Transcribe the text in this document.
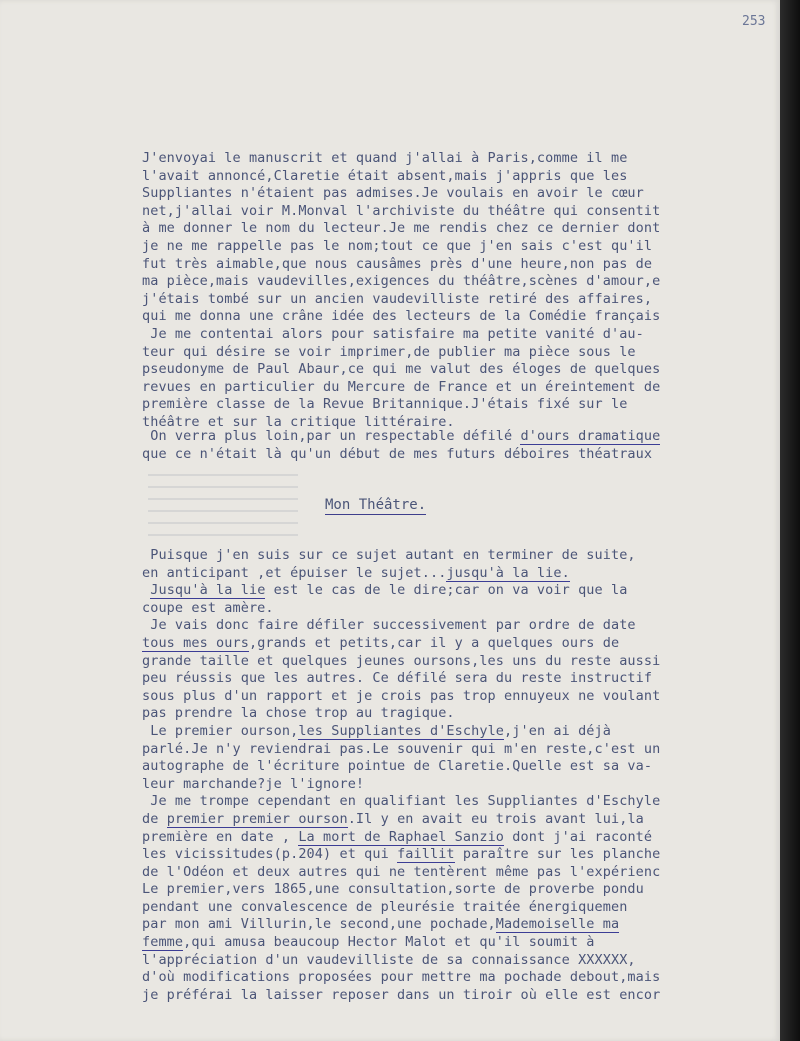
253
J'envoyai le manuscrit et quand j'allai à Paris,comme il me
l'avait annoncé,Claretie était absent,mais j'appris que les
Suppliantes n'étaient pas admises.Je voulais en avoir le cœur
net,j'allai voir M.Monval l'archiviste du théâtre qui consentit
à me donner le nom du lecteur.Je me rendis chez ce dernier dont
je ne me rappelle pas le nom;tout ce que j'en sais c'est qu'il
fut très aimable,que nous causâmes près d'une heure,non pas de
ma pièce,mais vaudevilles,exigences du théâtre,scènes d'amour,e
j'étais tombé sur un ancien vaudevilliste retiré des affaires,
qui me donna une crâne idée des lecteurs de la Comédie français
Je me contentai alors pour satisfaire ma petite vanité d'au-
teur qui désire se voir imprimer,de publier ma pièce sous le
pseudonyme de Paul Abaur,ce qui me valut des éloges de quelques
revues en particulier du Mercure de France et un éreintement de
première classe de la Revue Britannique.J'étais fixé sur le
théâtre et sur la critique littéraire.
On verra plus loin,par un respectable défilé d'ours dramatique
que ce n'était là qu'un début de mes futurs déboires théatraux
Mon Théâtre.
Puisque j'en suis sur ce sujet autant en terminer de suite,
en anticipant ,et épuiser le sujet...jusqu'à la lie.
Jusqu'à la lie est le cas de le dire;car on va voir que la
coupe est amère.
Je vais donc faire défiler successivement par ordre de date
tous mes ours,grands et petits,car il y a quelques ours de
grande taille et quelques jeunes oursons,les uns du reste aussi
peu réussis que les autres. Ce défilé sera du reste instructif
sous plus d'un rapport et je crois pas trop ennuyeux ne voulant
pas prendre la chose trop au tragique.
Le premier ourson,les Suppliantes d'Eschyle,j'en ai déjà
parlé.Je n'y reviendrai pas.Le souvenir qui m'en reste,c'est un
autographe de l'écriture pointue de Claretie.Quelle est sa va-
leur marchande?je l'ignore!
Je me trompe cependant en qualifiant les Suppliantes d'Eschyle
de premier premier ourson.Il y en avait eu trois avant lui,la
première en date , La mort de Raphael Sanzio dont j'ai raconté
les vicissitudes(p.204) et qui faillit paraître sur les planche
de l'Odéon et deux autres qui ne tentèrent même pas l'expérienc
Le premier,vers 1865,une consultation,sorte de proverbe pondu
pendant une convalescence de pleurésie traitée énergiquemen
par mon ami Villurin,le second,une pochade,Mademoiselle ma
femme,qui amusa beaucoup Hector Malot et qu'il soumit à
l'appréciation d'un vaudevilliste de sa connaissance XXXXXX,
d'où modifications proposées pour mettre ma pochade debout,mais
je préférai la laisser reposer dans un tiroir où elle est encor
